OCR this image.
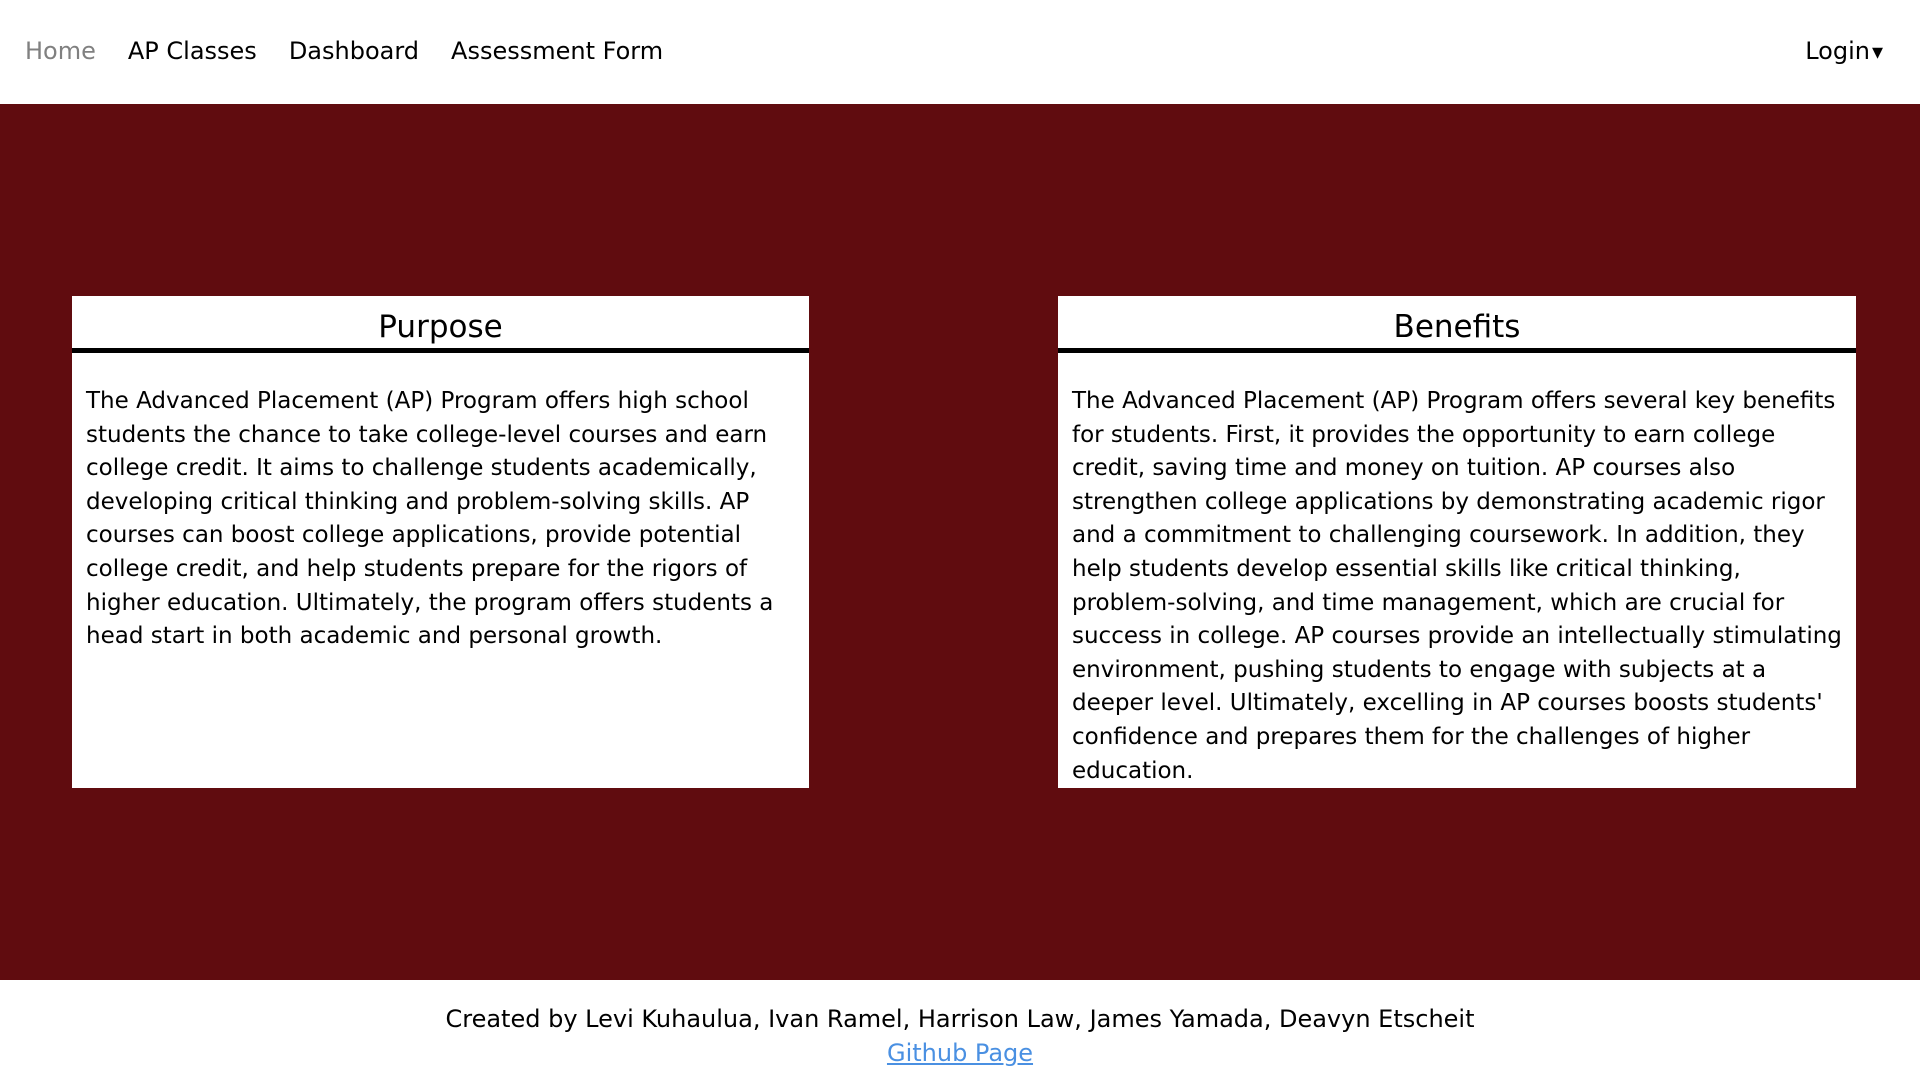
Home AP Classes Dashboard Assessment Form	Login▾
Purpose
The Advanced Placement (AP) Program offers high school students the chance to take college-level courses and earn college credit. It aims to challenge students academically, developing critical thinking and problem-solving skills. AP courses can boost college applications, provide potential college credit, and help students prepare for the rigors of higher education. Ultimately, the program offers students a head start in both academic and personal growth.
Benefits
The Advanced Placement (AP) Program offers several key benefits for students. First, it provides the opportunity to earn college credit, saving time and money on tuition. AP courses also strengthen college applications by demonstrating academic rigor and a commitment to challenging coursework. In addition, they help students develop essential skills like critical thinking, problem-solving, and time management, which are crucial for success in college. AP courses provide an intellectually stimulating environment, pushing students to engage with subjects at a deeper level. Ultimately, excelling in AP courses boosts students' confidence and prepares them for the challenges of higher education.
Created by Levi Kuhaulua, Ivan Ramel, Harrison Law, James Yamada, Deavyn Etscheit
Github Page
